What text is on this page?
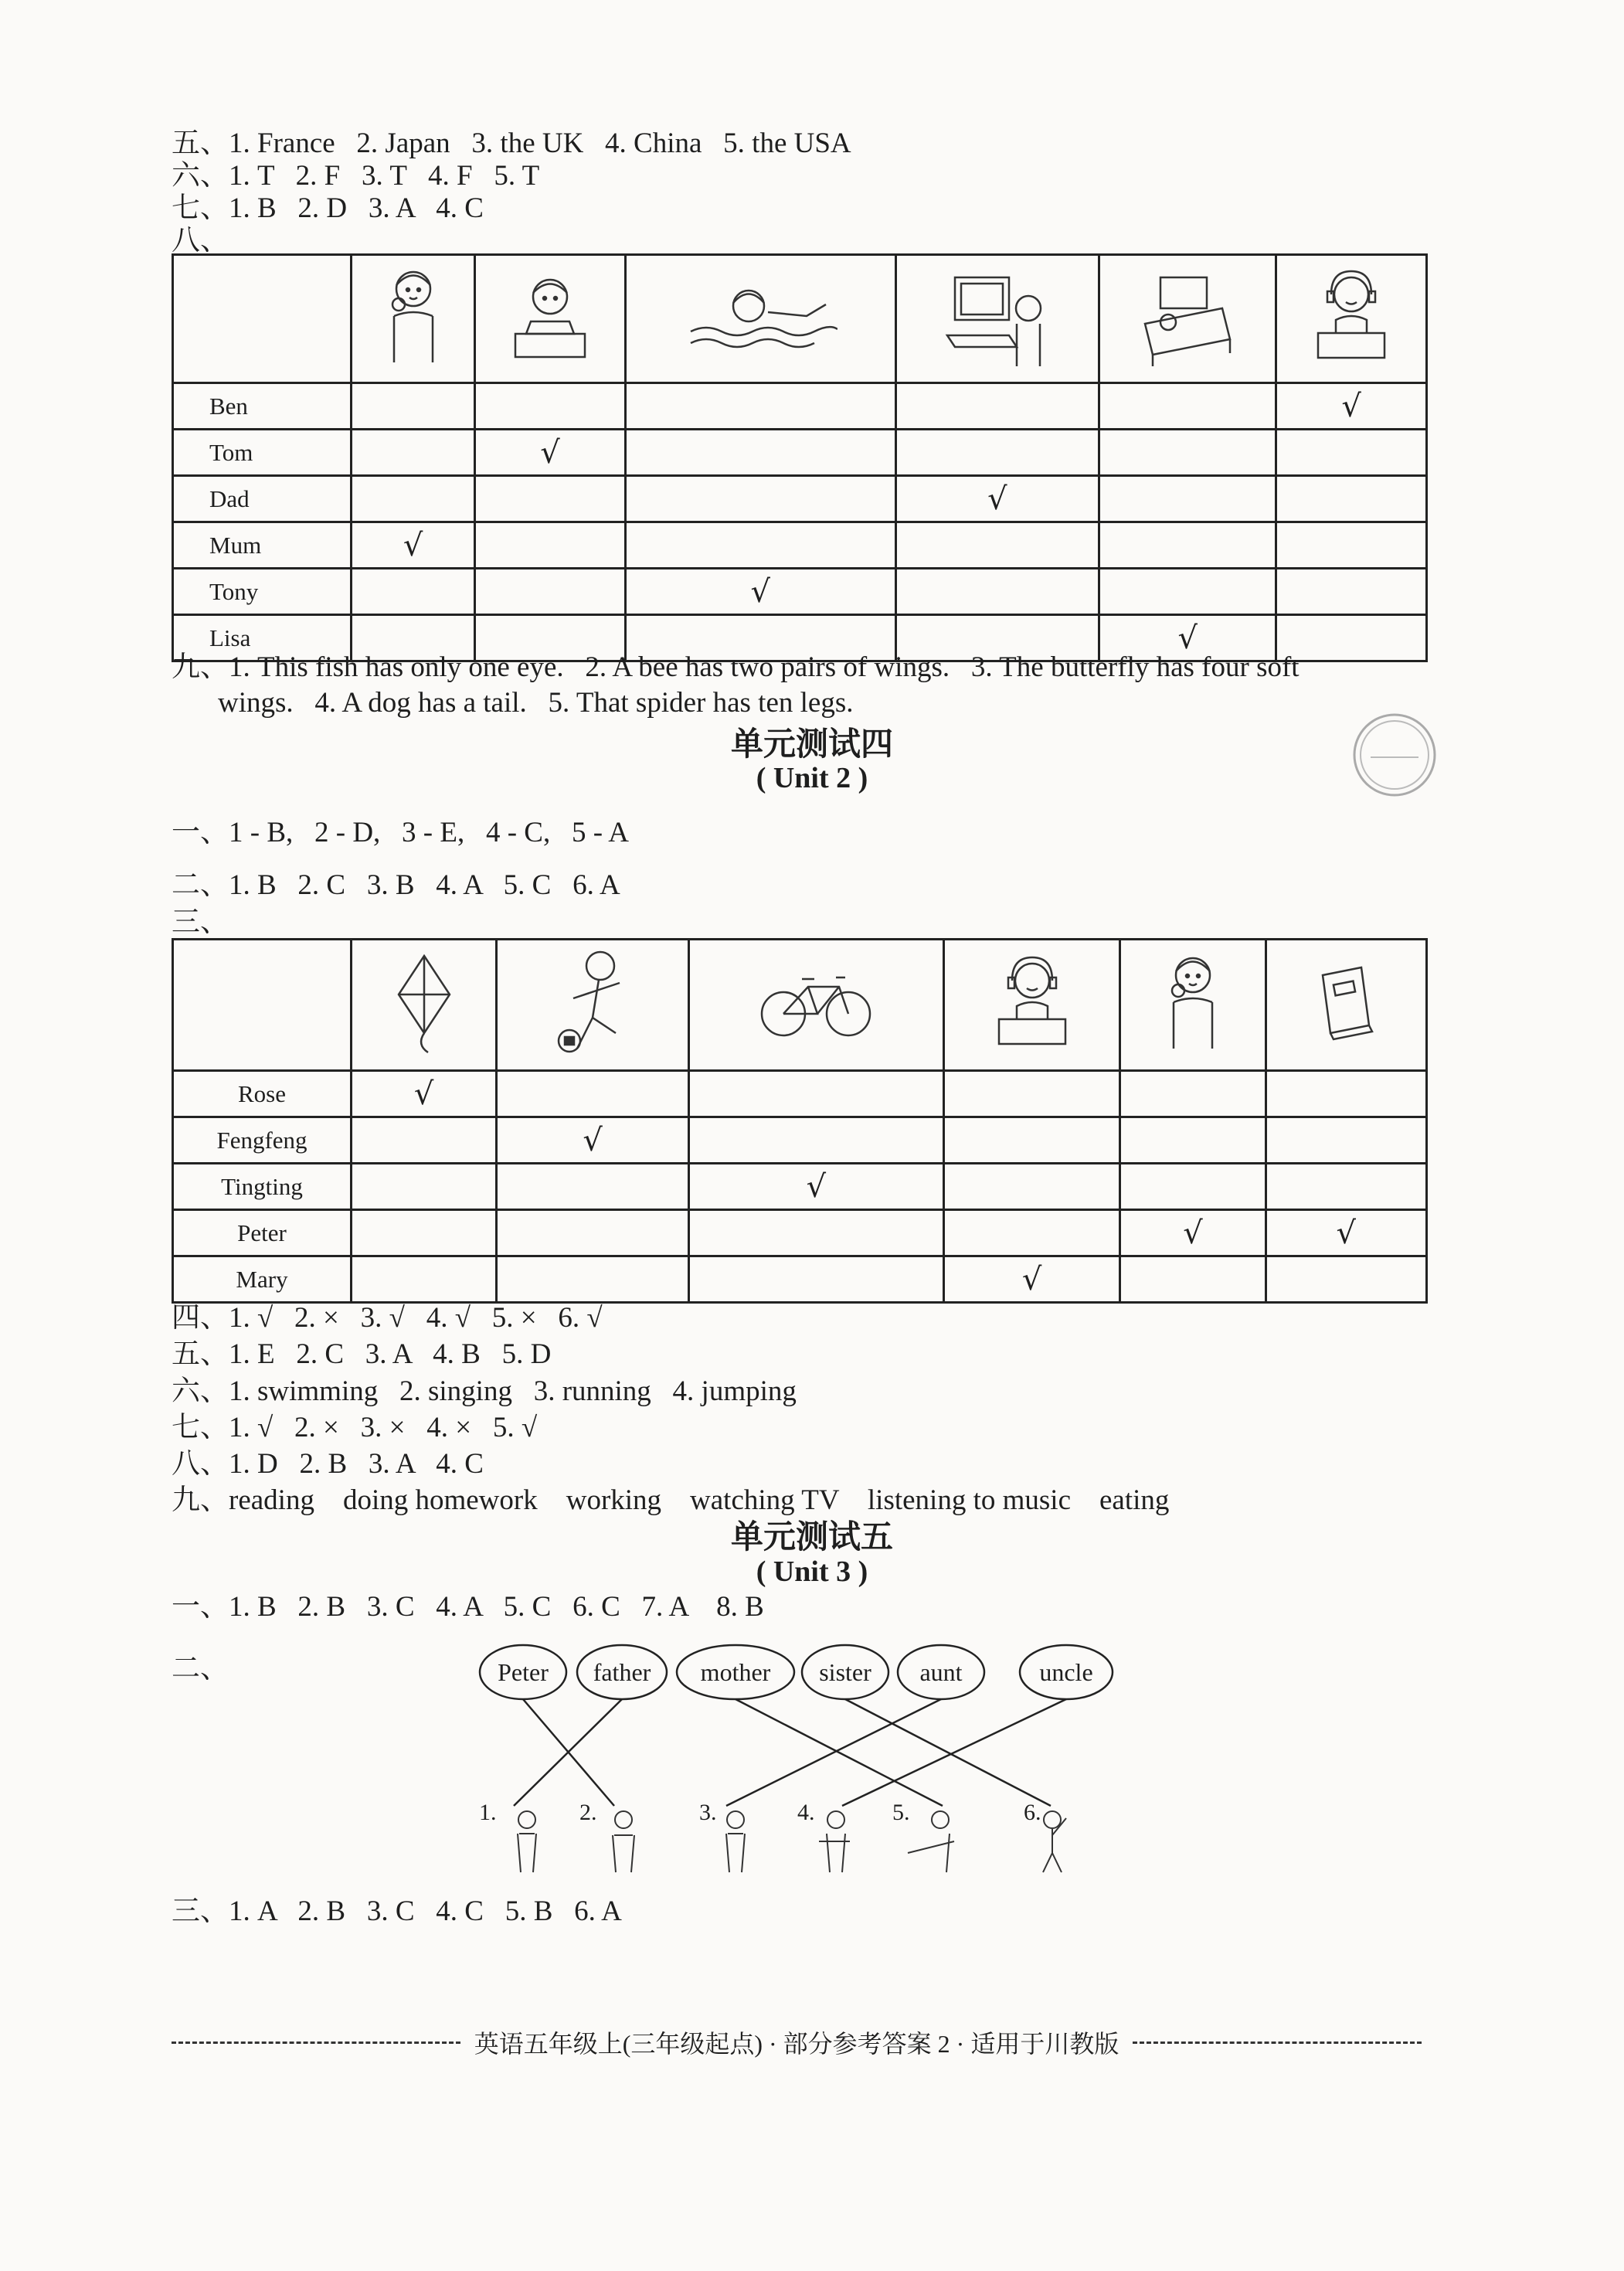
五、1. France   2. Japan   3. the UK   4. China   5. the USA
六、1. T   2. F   3. T   4. F   5. T
七、1. B   2. D   3. A   4. C
八、

Ben						√
Tom		√				
Dad				√		
Mum	√					
Tony			√			
Lisa					√	
九、1. This fish has only one eye.   2. A bee has two pairs of wings.   3. The butterfly has four soft
wings.   4. A dog has a tail.   5. That spider has ten legs.
单元测试四
( Unit 2 )
一、1 - B,   2 - D,   3 - E,   4 - C,   5 - A
二、1. B   2. C   3. B   4. A   5. C   6. A
三、

Rose	√					
Fengfeng		√				
Tingting			√			
Peter					√	√
Mary				√		
四、1. √   2. ×   3. √   4. √   5. ×   6. √
五、1. E   2. C   3. A   4. B   5. D
六、1. swimming   2. singing   3. running   4. jumping
七、1. √   2. ×   3. ×   4. ×   5. √
八、1. D   2. B   3. A   4. C
九、reading    doing homework    working    watching TV    listening to music    eating
单元测试五
( Unit 3 )
一、1. B   2. B   3. C   4. A   5. C   6. C   7. A    8. B
二、	Peter father mother sister aunt	uncle
1.	2.	3.	4.	5.	6.
三、1. A   2. B   3. C   4. C   5. B   6. A
英语五年级上(三年级起点) · 部分参考答案 2 · 适用于川教版
